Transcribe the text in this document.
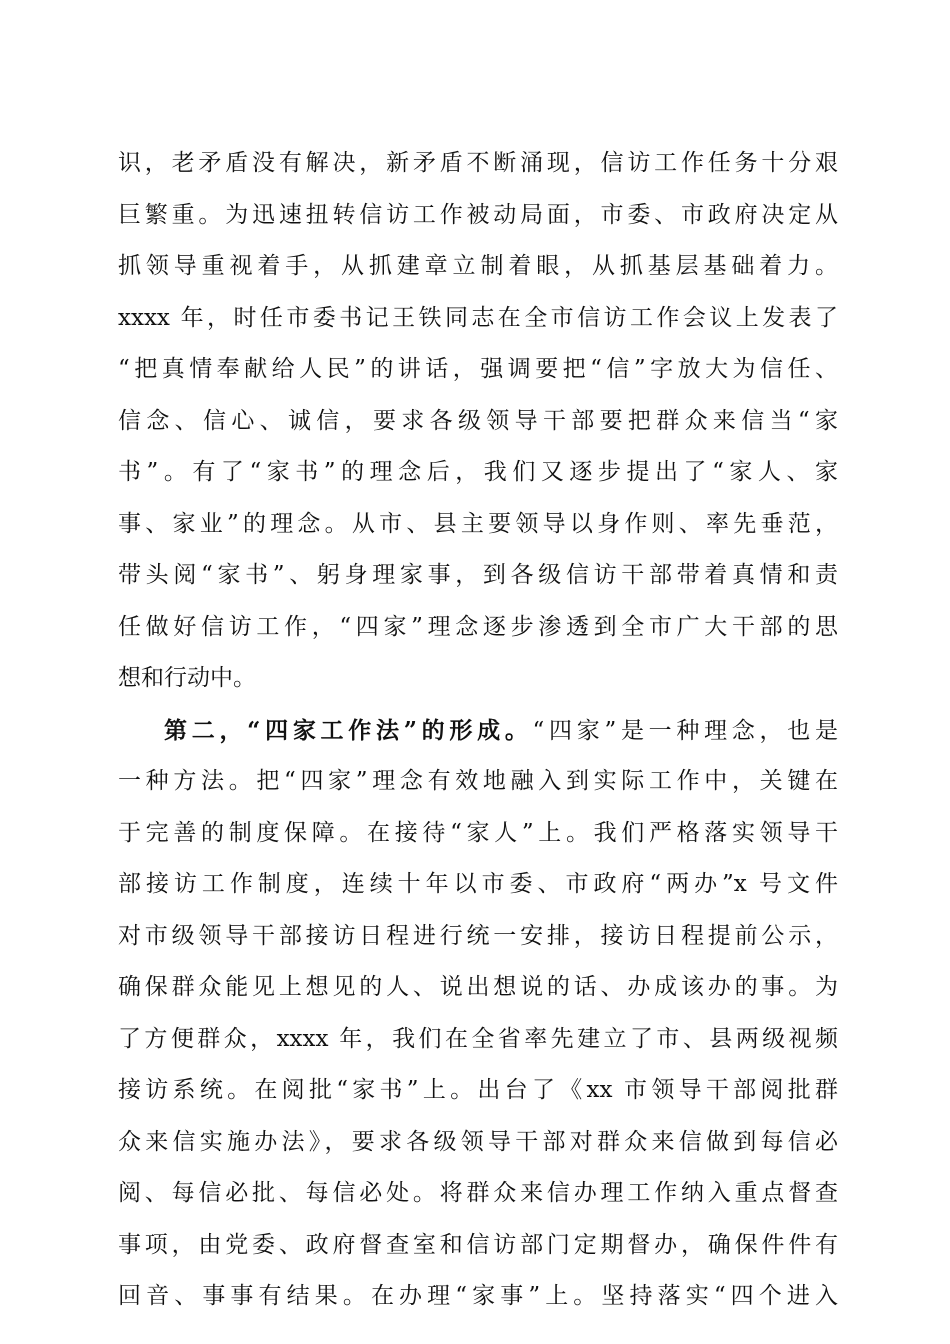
识，老矛盾没有解决，新矛盾不断涌现，信访工作任务十分艰
巨繁重。为迅速扭转信访工作被动局面，市委、市政府决定从
抓领导重视着手，从抓建章立制着眼，从抓基层基础着力。
xxxx 年，时任市委书记王铁同志在全市信访工作会议上发表了
“把真情奉献给人民”的讲话，强调要把“信”字放大为信任、
信念、信心、诚信，要求各级领导干部要把群众来信当“家
书”。有了“家书”的理念后，我们又逐步提出了“家人、家
事、家业”的理念。从市、县主要领导以身作则、率先垂范，
带头阅“家书”、躬身理家事，到各级信访干部带着真情和责
任做好信访工作，“四家”理念逐步渗透到全市广大干部的思
想和行动中。
第二，“四家工作法”的形成。“四家”是一种理念，也是
一种方法。把“四家”理念有效地融入到实际工作中，关键在
于完善的制度保障。在接待“家人”上。我们严格落实领导干
部接访工作制度，连续十年以市委、市政府“两办”x 号文件
对市级领导干部接访日程进行统一安排，接访日程提前公示，
确保群众能见上想见的人、说出想说的话、办成该办的事。为
了方便群众，xxxx 年，我们在全省率先建立了市、县两级视频
接访系统。在阅批“家书”上。出台了《xx 市领导干部阅批群
众来信实施办法》，要求各级领导干部对群众来信做到每信必
阅、每信必批、每信必处。将群众来信办理工作纳入重点督查
事项，由党委、政府督查室和信访部门定期督办，确保件件有
回音、事事有结果。在办理“家事”上。坚持落实“四个进入
